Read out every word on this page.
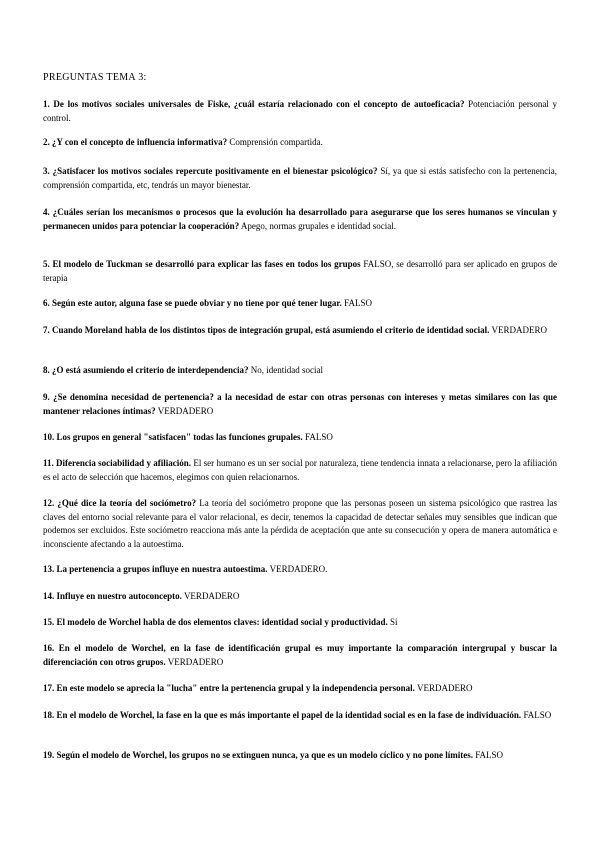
PREGUNTAS TEMA 3:
1. De los motivos sociales universales de Fiske, ¿cuál estaría relacionado con el concepto de autoeficacia? Potenciación personal y control.
2. ¿Y con el concepto de influencia informativa? Comprensión compartida.
3. ¿Satisfacer los motivos sociales repercute positivamente en el bienestar psicológico? Sí, ya que si estás satisfecho con la pertenencia, comprensión compartida, etc, tendrás un mayor bienestar.
4. ¿Cuáles serían los mecanismos o procesos que la evolución ha desarrollado para asegurarse que los seres humanos se vinculan y permanecen unidos para potenciar la cooperación? Apego, normas grupales e identidad social.
5. El modelo de Tuckman se desarrolló para explicar las fases en todos los grupos FALSO, se desarrolló para ser aplicado en grupos de terapia
6. Según este autor, alguna fase se puede obviar y no tiene por qué tener lugar. FALSO
7. Cuando Moreland habla de los distintos tipos de integración grupal, está asumiendo el criterio de identidad social. VERDADERO
8. ¿O está asumiendo el criterio de interdependencia? No, identidad social
9. ¿Se denomina necesidad de pertenencia? a la necesidad de estar con otras personas con intereses y metas similares con las que mantener relaciones íntimas? VERDADERO
10. Los grupos en general "satisfacen" todas las funciones grupales. FALSO
11. Diferencia sociabilidad y afiliación. El ser humano es un ser social por naturaleza, tiene tendencia innata a relacionarse, pero la afiliación es el acto de selección que hacemos, elegimos con quien relacionarnos.
12. ¿Qué dice la teoría del sociómetro? La teoría del sociómetro propone que las personas poseen un sistema psicológico que rastrea las claves del entorno social relevante para el valor relacional, es decir, tenemos la capacidad de detectar señales muy sensibles que indican que podemos ser excluidos. Este sociómetro reacciona más ante la pérdida de aceptación que ante su consecución y opera de manera automática e inconsciente afectando a la autoestima.
13. La pertenencia a grupos influye en nuestra autoestima. VERDADERO.
14. Influye en nuestro autoconcepto. VERDADERO
15. El modelo de Worchel habla de dos elementos claves: identidad social y productividad. Sí
16. En el modelo de Worchel, en la fase de identificación grupal es muy importante la comparación intergrupal y buscar la diferenciación con otros grupos. VERDADERO
17. En este modelo se aprecia la "lucha" entre la pertenencia grupal y la independencia personal. VERDADERO
18. En el modelo de Worchel, la fase en la que es más importante el papel de la identidad social es en la fase de individuación. FALSO
19. Según el modelo de Worchel, los grupos no se extinguen nunca, ya que es un modelo cíclico y no pone límites. FALSO
